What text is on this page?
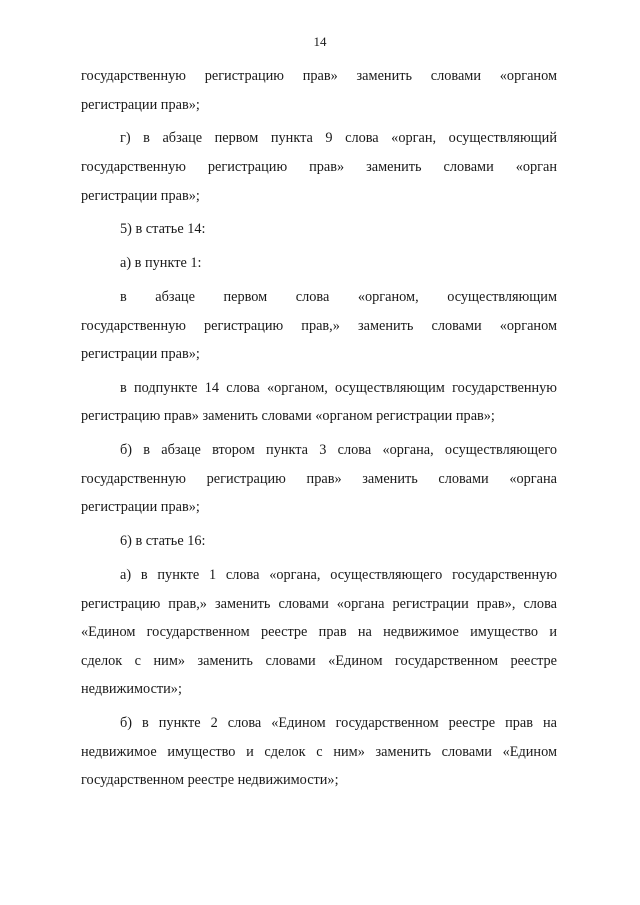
14
государственную регистрацию прав» заменить словами «органом
регистрации прав»;
г) в абзаце первом пункта 9 слова «орган, осуществляющий
государственную регистрацию прав» заменить словами «орган
регистрации прав»;
5) в статье 14:
а) в пункте 1:
в абзаце первом слова «органом, осуществляющим
государственную регистрацию прав,» заменить словами «органом
регистрации прав»;
в подпункте 14 слова «органом, осуществляющим государственную
регистрацию прав» заменить словами «органом регистрации прав»;
б) в абзаце втором пункта 3 слова «органа, осуществляющего
государственную регистрацию прав» заменить словами «органа
регистрации прав»;
6) в статье 16:
а) в пункте 1 слова «органа, осуществляющего государственную
регистрацию прав,» заменить словами «органа регистрации прав», слова
«Едином государственном реестре прав на недвижимое имущество и
сделок с ним» заменить словами «Едином государственном реестре
недвижимости»;
б) в пункте 2 слова «Едином государственном реестре прав на
недвижимое имущество и сделок с ним» заменить словами «Едином
государственном реестре недвижимости»;
